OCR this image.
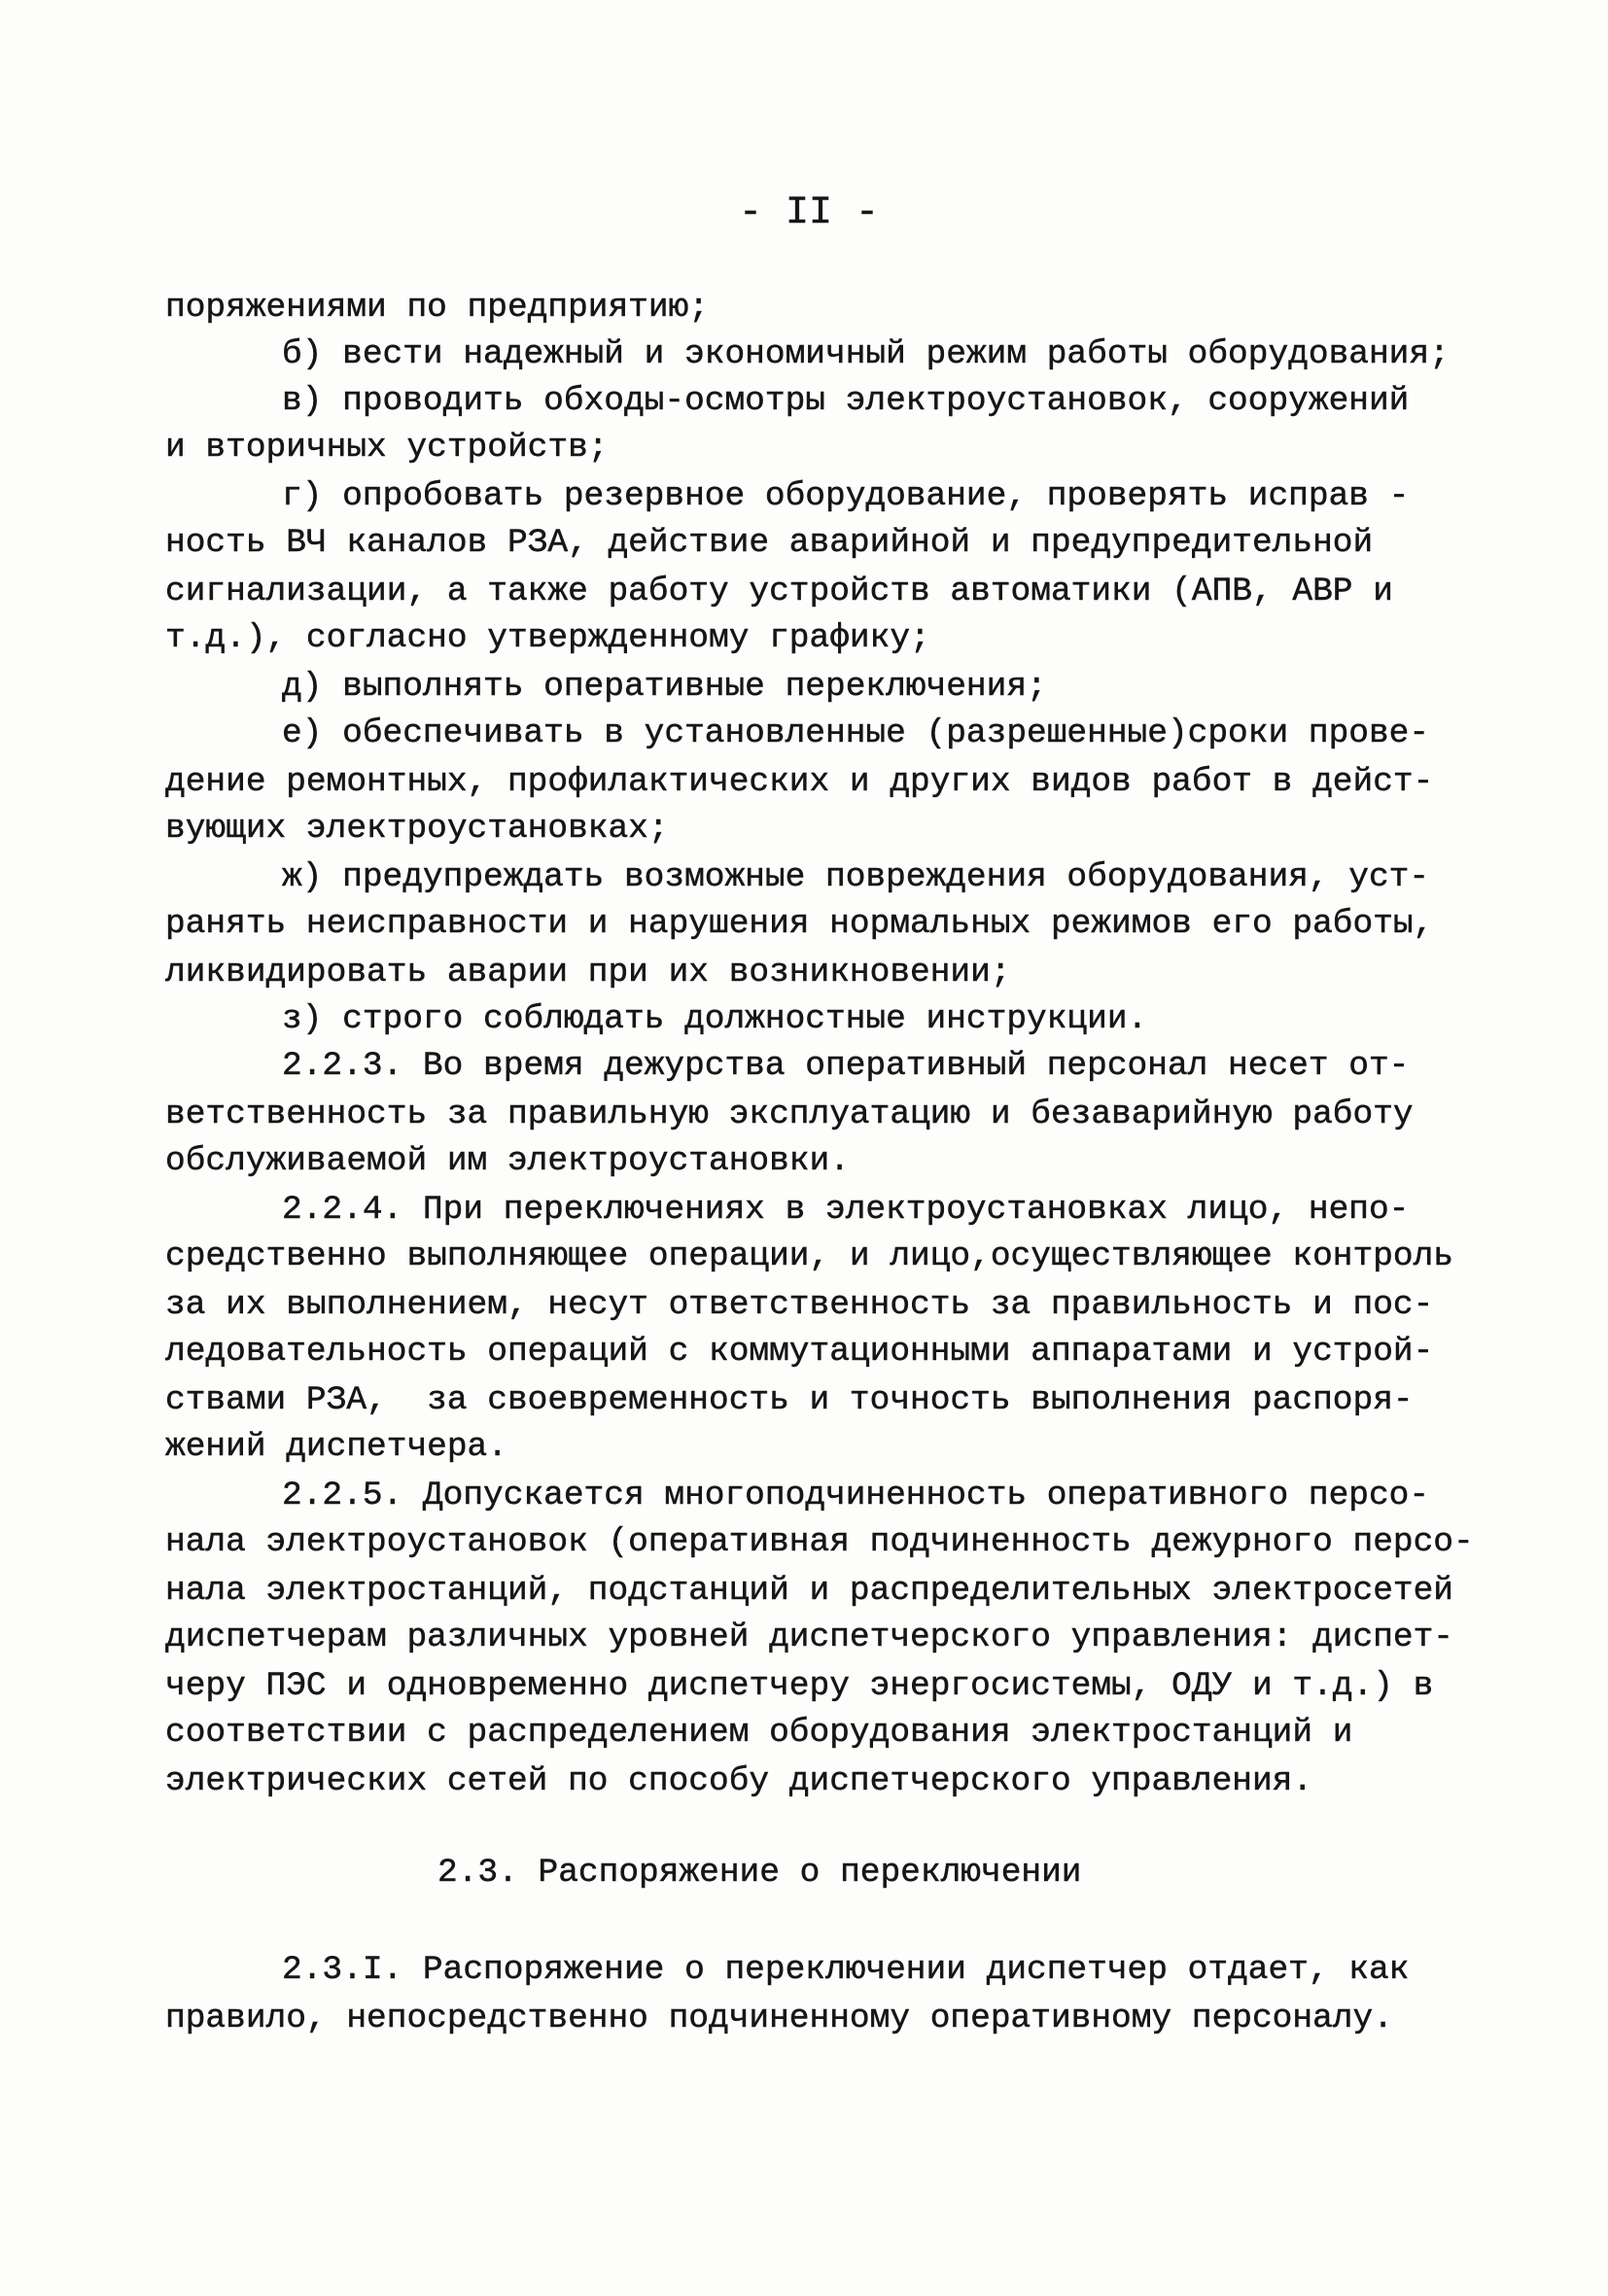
- II -
поряжениями по предприятию;
б) вести надежный и экономичный режим работы оборудования;
в) проводить обходы-осмотры электроустановок, сооружений
и вторичных устройств;
г) опробовать резервное оборудование, проверять исправ -
ность ВЧ каналов РЗА, действие аварийной и предупредительной
сигнализации, а также работу устройств автоматики (АПВ, АВР и
т.д.), согласно утвержденному графику;
д) выполнять оперативные переключения;
е) обеспечивать в установленные (разрешенные)сроки прове-
дение ремонтных, профилактических и других видов работ в дейст-
вующих электроустановках;
ж) предупреждать возможные повреждения оборудования, уст-
ранять неисправности и нарушения нормальных режимов его работы,
ликвидировать аварии при их возникновении;
з) строго соблюдать должностные инструкции.
2.2.3. Во время дежурства оперативный персонал несет от-
ветственность за правильную эксплуатацию и безаварийную работу
обслуживаемой им электроустановки.
2.2.4. При переключениях в электроустановках лицо, непо-
средственно выполняющее операции, и лицо,осуществляющее контроль
за их выполнением, несут ответственность за правильность и пос-
ледовательность операций с коммутационными аппаратами и устрой-
ствами РЗА,  за своевременность и точность выполнения распоря-
жений диспетчера.
2.2.5. Допускается многоподчиненность оперативного персо-
нала электроустановок (оперативная подчиненность дежурного персо-
нала электростанций, подстанций и распределительных электросетей
диспетчерам различных уровней диспетчерского управления: диспет-
черу ПЭС и одновременно диспетчеру энергосистемы, ОДУ и т.д.) в
соответствии с распределением оборудования электростанций и
электрических сетей по способу диспетчерского управления.
2.3. Распоряжение о переключении
2.3.I. Распоряжение о переключении диспетчер отдает, как
правило, непосредственно подчиненному оперативному персоналу.
